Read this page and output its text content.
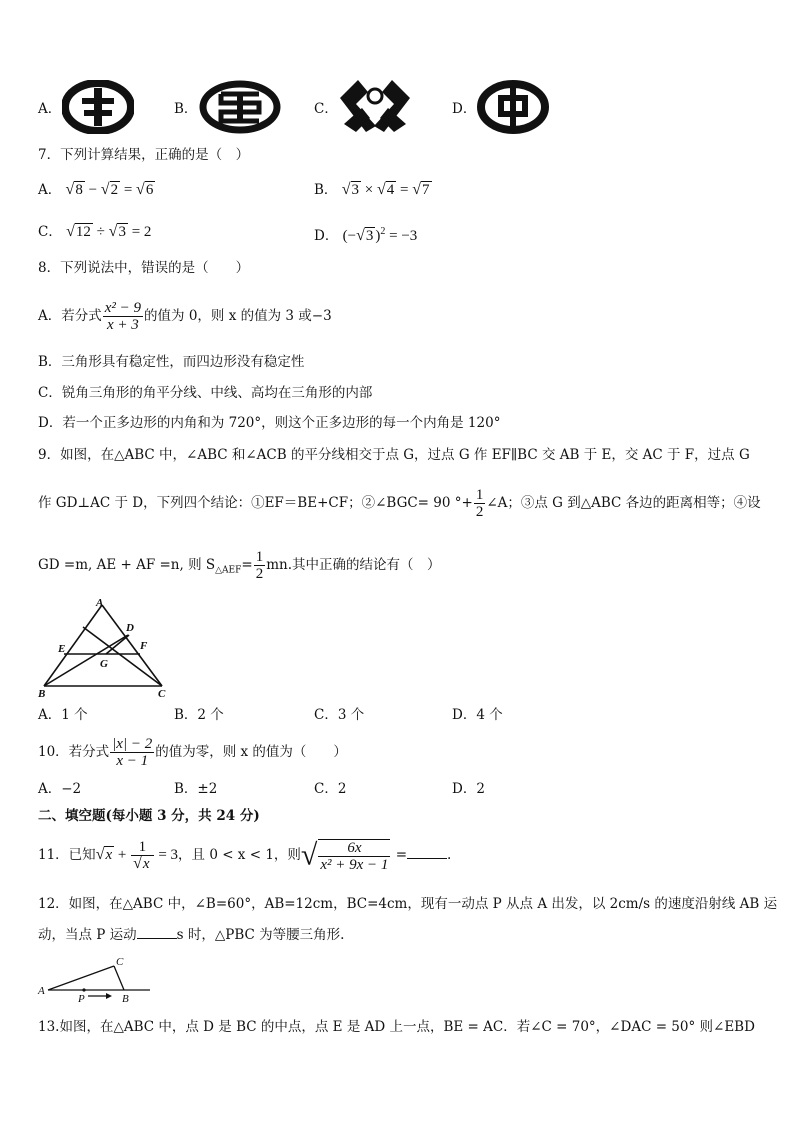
A．	B．	C．	D．
7．下列计算结果，正确的是（　）
A． √8 − √2 = √6	B． √3 × √4 = √7
C． √12 ÷ √3 = 2	D． (−√3 )$^2$ = −3
8．下列说法中，错误的是（　　）
A．若分式 $\frac{\text{x² − 9}}{x + 3}$ 的值为 0，则 x 的值为 3 或−3
B．三角形具有稳定性，而四边形没有稳定性
C．锐角三角形的角平分线、中线、高均在三角形的内部
D．若一个正多边形的内角和为 720°，则这个正多边形的每一个内角是 120°
9．如图，在△ABC 中，∠ABC 和∠ACB 的平分线相交于点 G，过点 G 作 EF∥BC 交 AB 于 E，交 AC 于 F，过点 G
作 GD⊥AC 于 D，下列四个结论：①EF＝BE+CF；②∠BGC= 90 °+ $\frac{1}{2}$ ∠A；③点 G 到△ABC 各边的距离相等；④设
GD =m, AE + AF =n, 则 $S_{\triangle AEF}= \frac{1}{2}$ mn.其中正确的结论有（　）
A
D
E	F
G
B	C
A．1 个	B．2 个	C．3 个	D．4 个
10．若分式 $\frac{|x| - 2}{x - 1}$ 的值为零，则 x 的值为（　　）
A．−2	B．±2	C．2	D．2
二、填空题(每小题 3 分，共 24 分)
11．已知$√x + \frac{1}{√x} = 3$，且 0 < x < 1，则√ $\frac{6x}{\text{x² + 9x − 1}}$ =	.
12．如图，在△ABC 中，∠B=60°，AB=12cm，BC=4cm，现有一动点 P 从点 A 出发，以 2cm/s 的速度沿射线 AB 运
动，当点 P 运动	s 时，△PBC 为等腰三角形.
C
A
P	B
13.如图，在△ABC 中，点 D 是 BC 的中点，点 E 是 AD 上一点，BE = AC．若∠C = 70°，∠DAC = 50° 则∠EBD
